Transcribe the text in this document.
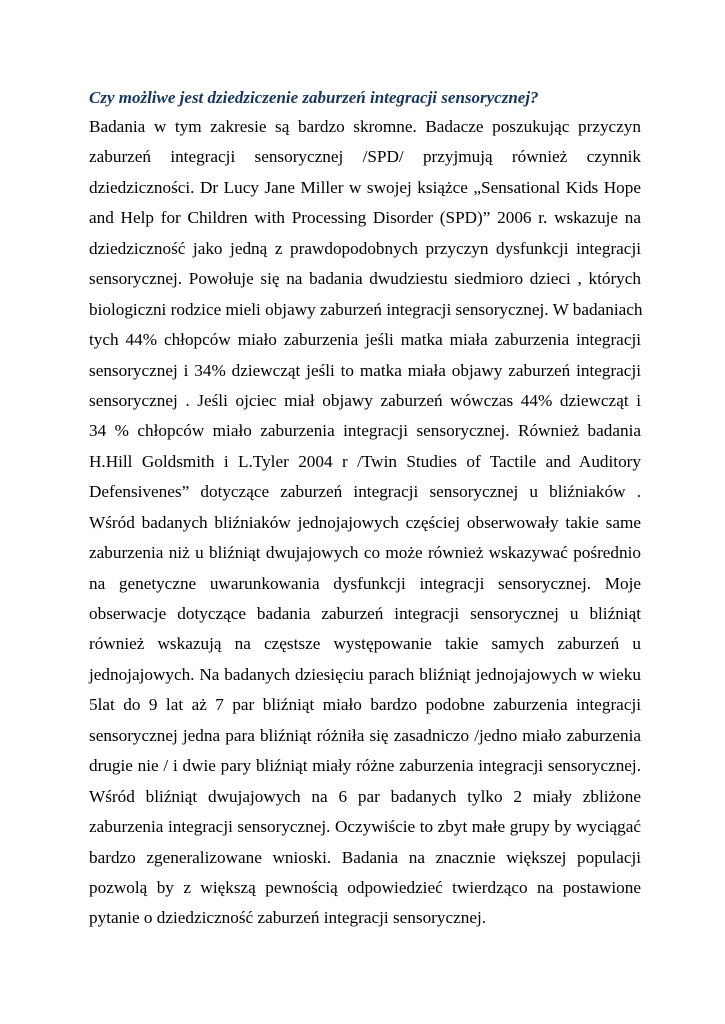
Czy możliwe jest dziedziczenie zaburzeń integracji sensorycznej?
Badania w tym zakresie są bardzo skromne. Badacze poszukując przyczyn
zaburzeń integracji sensorycznej /SPD/ przyjmują również czynnik
dziedziczności. Dr Lucy Jane Miller w swojej książce „Sensational Kids Hope
and Help for Children with Processing Disorder (SPD)” 2006 r. wskazuje na
dziedziczność jako jedną z prawdopodobnych przyczyn dysfunkcji integracji
sensorycznej. Powołuje się na badania dwudziestu siedmioro dzieci , których
biologiczni rodzice mieli objawy zaburzeń integracji sensorycznej. W badaniach
tych 44% chłopców miało zaburzenia jeśli matka miała zaburzenia integracji
sensorycznej i 34% dziewcząt jeśli to matka miała objawy zaburzeń integracji
sensorycznej . Jeśli ojciec miał objawy zaburzeń wówczas 44% dziewcząt i
34 % chłopców miało zaburzenia integracji sensorycznej. Również badania
H.Hill Goldsmith i L.Tyler 2004 r /Twin Studies of Tactile and Auditory
Defensivenes” dotyczące zaburzeń integracji sensorycznej u bliźniaków .
Wśród badanych bliźniaków jednojajowych częściej obserwowały takie same
zaburzenia niż u bliźniąt dwujajowych co może również wskazywać pośrednio
na genetyczne uwarunkowania dysfunkcji integracji sensorycznej. Moje
obserwacje dotyczące badania zaburzeń integracji sensorycznej u bliźniąt
również wskazują na częstsze występowanie takie samych zaburzeń u
jednojajowych. Na badanych dziesięciu parach bliźniąt jednojajowych w wieku
5lat do 9 lat aż 7 par bliźniąt miało bardzo podobne zaburzenia integracji
sensorycznej jedna para bliźniąt różniła się zasadniczo /jedno miało zaburzenia
drugie nie / i dwie pary bliźniąt miały różne zaburzenia integracji sensorycznej.
Wśród bliźniąt dwujajowych na 6 par badanych tylko 2 miały zbliżone
zaburzenia integracji sensorycznej. Oczywiście to zbyt małe grupy by wyciągać
bardzo zgeneralizowane wnioski. Badania na znacznie większej populacji
pozwolą by z większą pewnością odpowiedzieć twierdząco na postawione
pytanie o dziedziczność zaburzeń integracji sensorycznej.
